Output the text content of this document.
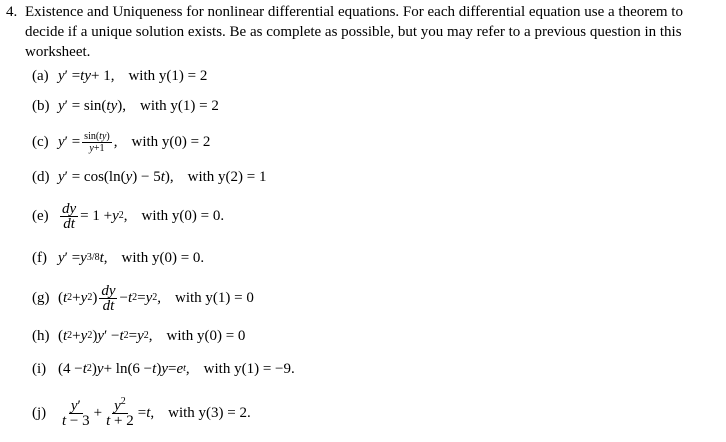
4. Existence and Uniqueness for nonlinear differential equations. For each differential equation use a theorem to decide if a unique solution exists. Be as complete as possible, but you may refer to a previous question in this worksheet.
(a) y ′ = ty + 1, with y(1) = 2
(b) y ′ = sin( ty ), with y(1) = 2
(c) y ′ = $\frac{\sin(ty)}{y+1}$ , with y(0) = 2
(d) y ′ = cos(ln( y ) − 5 t ), with y(2) = 1
$(e) \frac{dy}{dt} = 1 + y$ 2 , with y(0) = 0.
(f) y ′ = y 3/8 t , with y(0) = 0.
(g) ( t 2 + y 2 ) $\frac{dy}{dt} - t$ 2 = y 2 , with y(1) = 0
(h) ( t 2 + y 2 ) y ′ − t 2 = y 2 , with y(0) = 0
(i) (4 − t 2 ) y + ln(6 − t ) y = e t , with y(1) = −9.
$(j) \frac{y'}{t - 3} + \frac{y^2}{t + 2} = t$ , with y(3) = 2.
